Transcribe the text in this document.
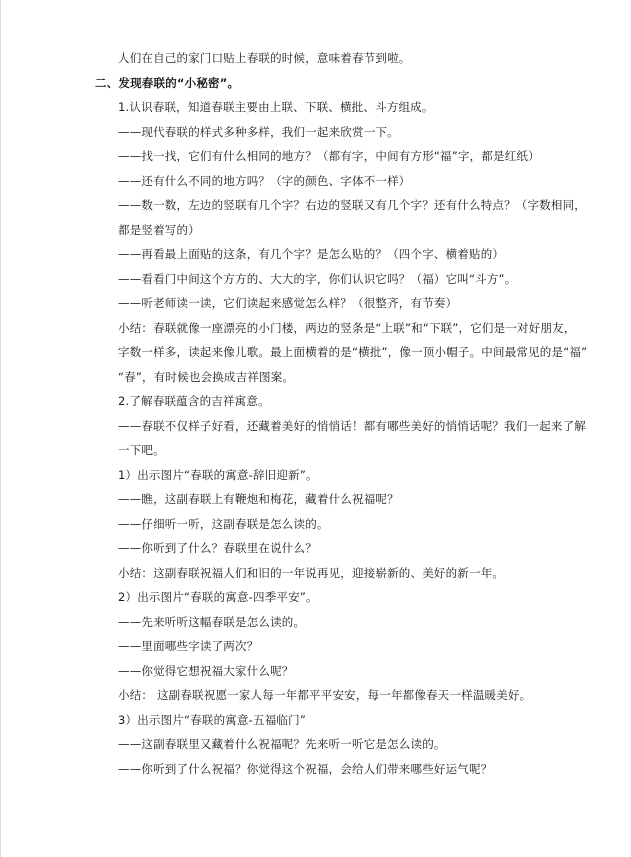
人们在自己的家门口贴上春联的时候，意味着春节到啦。
二、发现春联的“小秘密”。
1.认识春联，知道春联主要由上联、下联、横批、斗方组成。
——现代春联的样式多种多样，我们一起来欣赏一下。
——找一找，它们有什么相同的地方？（都有字，中间有方形“福”字，都是红纸）
——还有什么不同的地方吗？（字的颜色、字体不一样）
——数一数，左边的竖联有几个字？右边的竖联又有几个字？还有什么特点？（字数相同，
都是竖着写的）
——再看最上面贴的这条，有几个字？是怎么贴的？（四个字、横着贴的）
——看看门中间这个方方的、大大的字，你们认识它吗？（福）它叫“斗方”。
——听老师读一读，它们读起来感觉怎么样？（很整齐，有节奏）
小结：春联就像一座漂亮的小门楼，两边的竖条是“上联”和“下联”，它们是一对好朋友，
字数一样多，读起来像儿歌。最上面横着的是“横批”，像一顶小帽子。中间最常见的是“福”
“春”，有时候也会换成吉祥图案。
2.了解春联蕴含的吉祥寓意。
——春联不仅样子好看，还藏着美好的悄悄话！都有哪些美好的悄悄话呢？我们一起来了解
一下吧。
1）出示图片“春联的寓意-辞旧迎新”。
——瞧，这副春联上有鞭炮和梅花，藏着什么祝福呢？
——仔细听一听，这副春联是怎么读的。
——你听到了什么？春联里在说什么？
小结：这副春联祝福人们和旧的一年说再见，迎接崭新的、美好的新一年。
2）出示图片“春联的寓意-四季平安”。
——先来听听这幅春联是怎么读的。
——里面哪些字读了两次？
——你觉得它想祝福大家什么呢？
小结： 这副春联祝愿一家人每一年都平平安安，每一年都像春天一样温暖美好。
3）出示图片“春联的寓意-五福临门”
——这副春联里又藏着什么祝福呢？先来听一听它是怎么读的。
——你听到了什么祝福？你觉得这个祝福，会给人们带来哪些好运气呢？
